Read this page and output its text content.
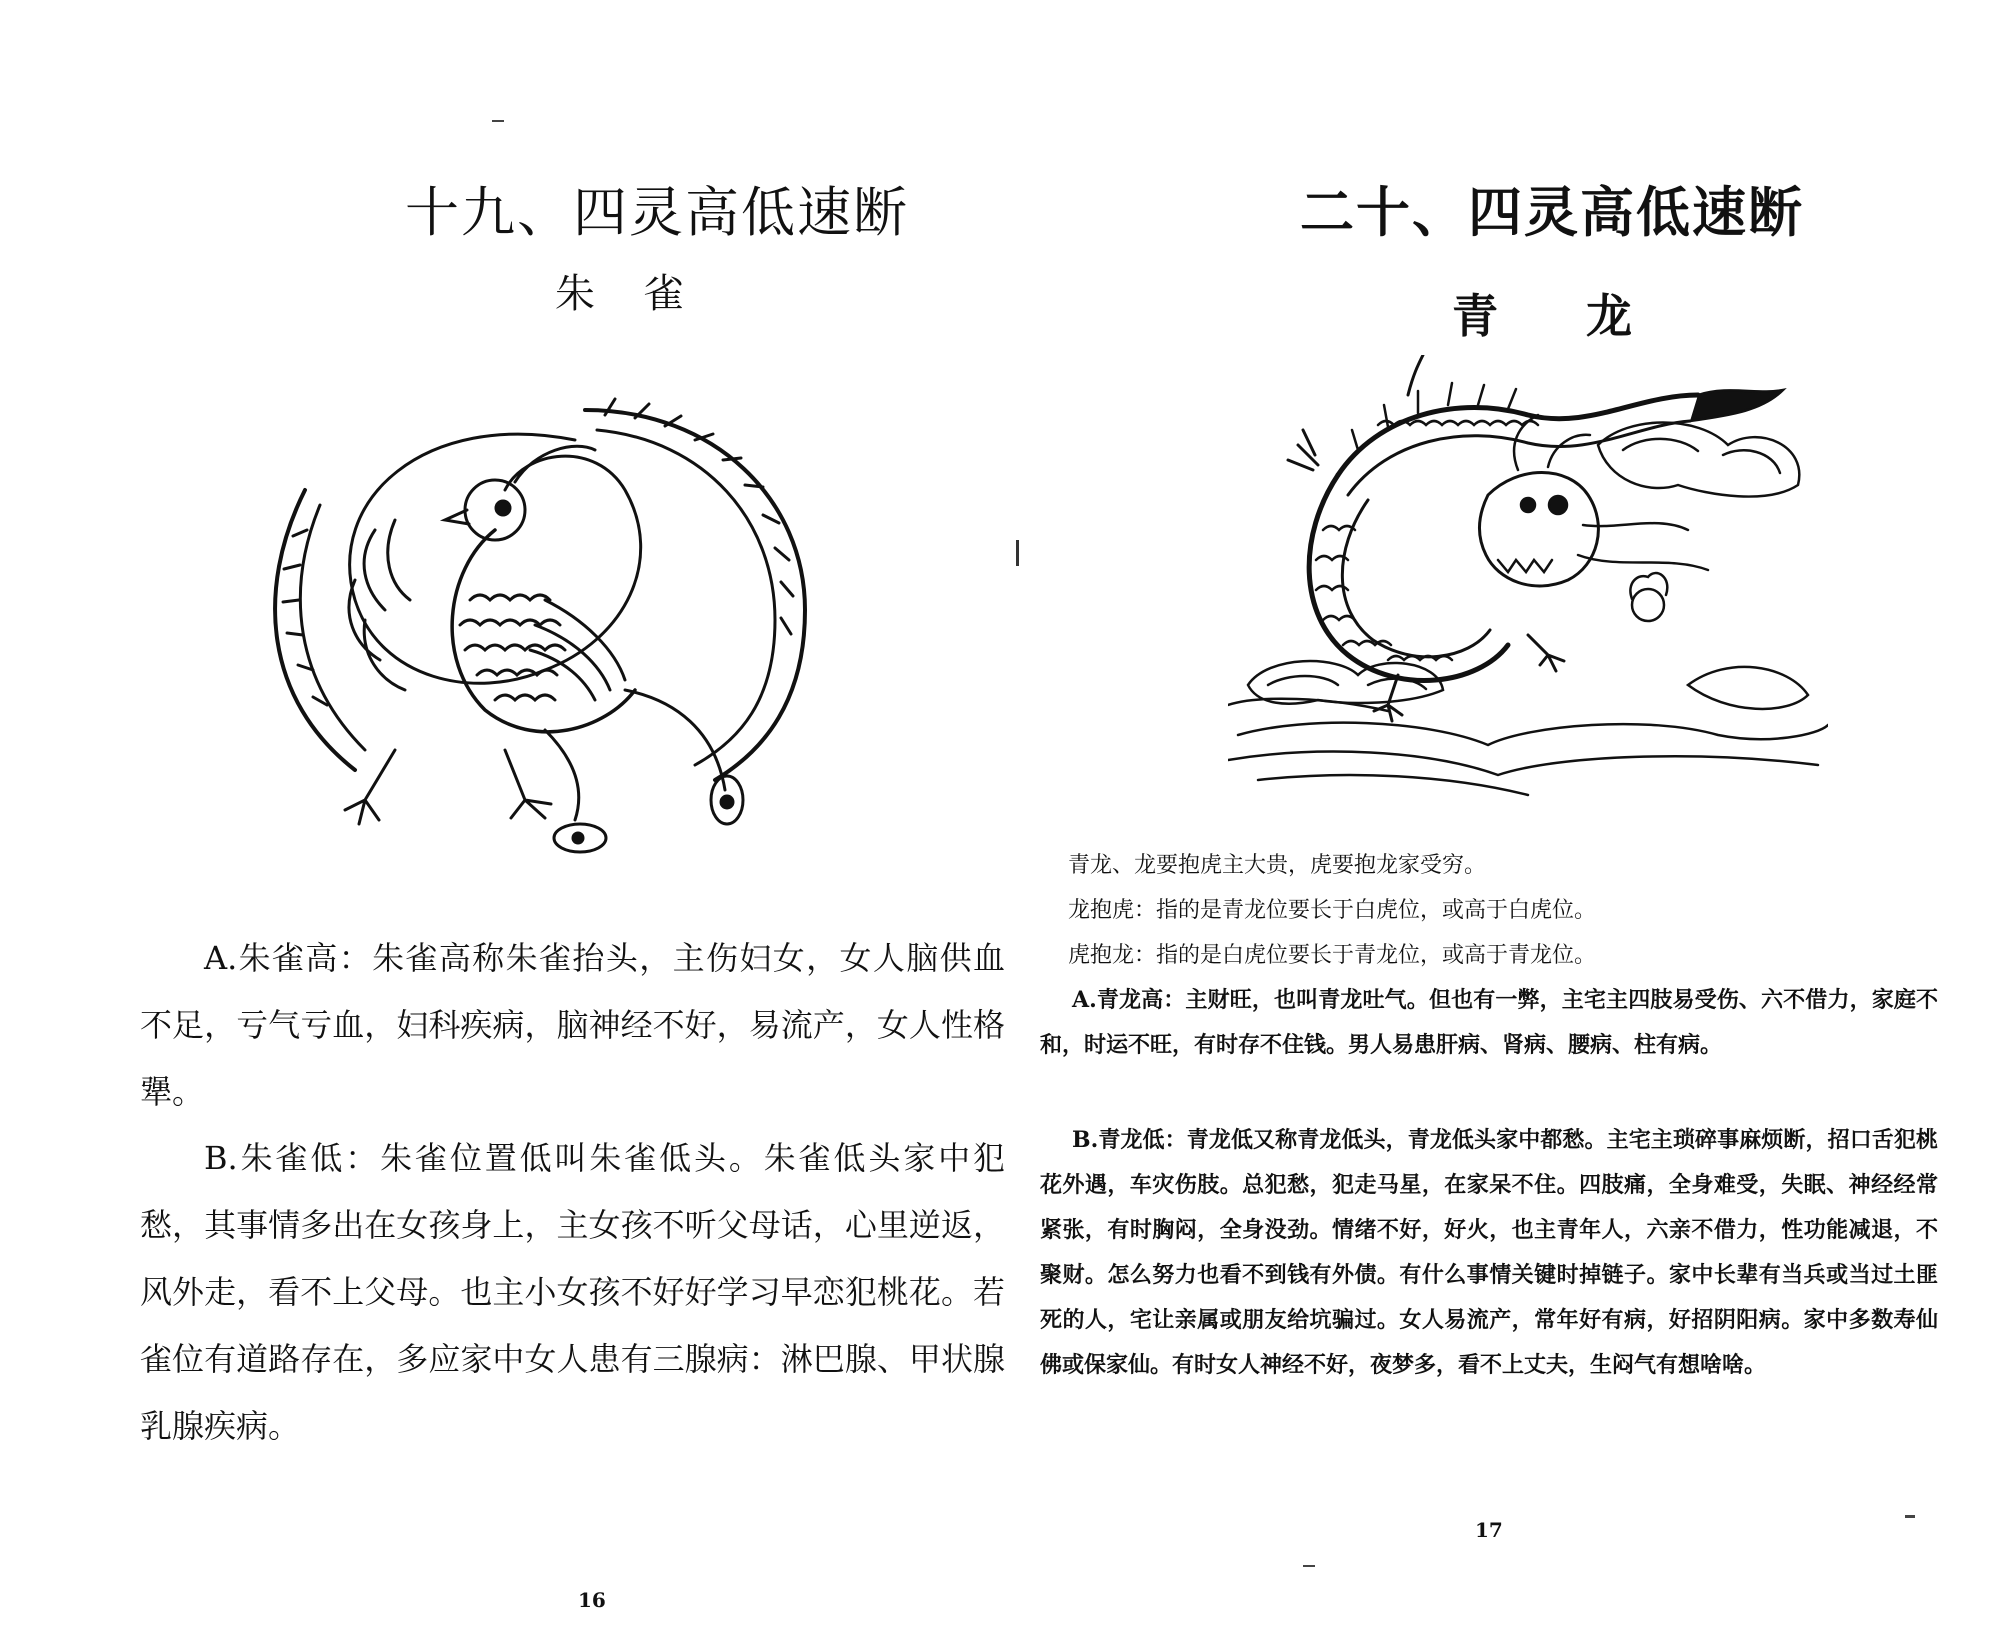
十九、四灵高低速断
朱 雀

A.朱雀高：朱雀高称朱雀抬头，主伤妇女，女人脑供血不足，亏气亏血，妇科疾病，脑神经不好，易流产，女人性格犟。

B.朱雀低：朱雀位置低叫朱雀低头。朱雀低头家中犯愁，其事情多出在女孩身上，主女孩不听父母话，心里逆返，风外走，看不上父母。也主小女孩不好好学习早恋犯桃花。若雀位有道路存在，多应家中女人患有三腺病：淋巴腺、甲状腺乳腺疾病。

16
二十、四灵高低速断
青 龙
青龙、龙要抱虎主大贵，虎要抱龙家受穷。
龙抱虎：指的是青龙位要长于白虎位，或高于白虎位。
虎抱龙：指的是白虎位要长于青龙位，或高于青龙位。

A.青龙高：主财旺，也叫青龙吐气。但也有一弊，主宅主四肢易受伤、六不借力，家庭不和，时运不旺，有时存不住钱。男人易患肝病、肾病、腰病、柱有病。

B.青龙低：青龙低又称青龙低头，青龙低头家中都愁。主宅主琐碎事麻烦断，招口舌犯桃花外遇，车灾伤肢。总犯愁，犯走马星，在家呆不住。四肢痛，全身难受，失眠、神经经常紧张，有时胸闷，全身没劲。情绪不好，好火，也主青年人，六亲不借力，性功能减退，不聚财。怎么努力也看不到钱有外债。有什么事情关键时掉链子。家中长辈有当兵或当过土匪死的人，宅让亲属或朋友给坑骗过。女人易流产，常年好有病，好招阴阳病。家中多数寿仙佛或保家仙。有时女人神经不好，夜梦多，看不上丈夫，生闷气有想啥啥。

17
